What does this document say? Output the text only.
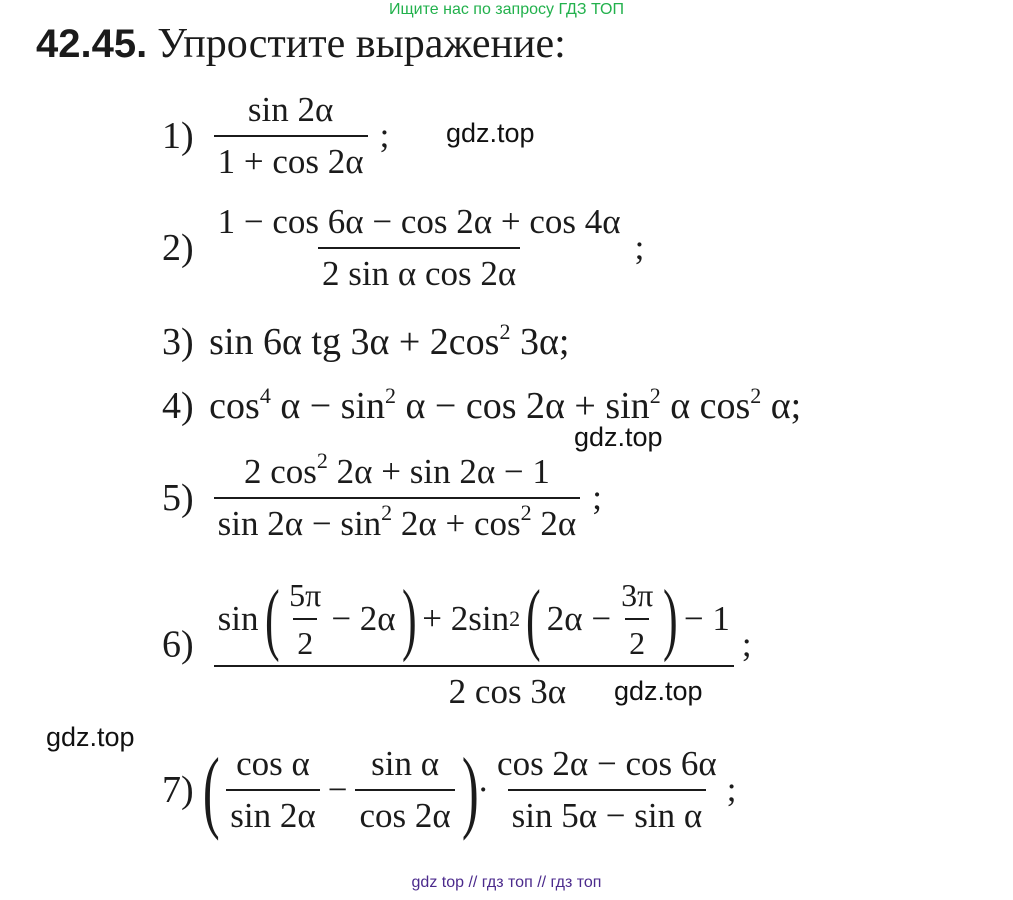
Ищите нас по запросу ГДЗ ТОП
42.45. Упростите выражение:
$1) \frac{\sin 2\alpha}{1 + \cos 2\alpha}$ ;
$2) \frac{1 - \cos 6\alpha - \cos 2\alpha + \cos 4\alpha}{\text{2 sin α cos 2α}}$ ;
3) sin 6α tg $3\alpha + 2\cos^2$ 3α;
4) $\cos^4 \alpha - \sin^2 \alpha - \cos 2\alpha + \sin^2 \alpha$ $\cos^2 \alpha$;
$5) \frac{2 \cos^2 2\alpha + \sin 2\alpha - 1}{\sin 2\alpha - \sin^2 2\alpha + \cos^2 2\alpha}$ ;
6)
sin ( $\frac{5\pi}{2} - 2\alpha$ ) + 2sin 2 ( $2\alpha - \frac{3\pi}{2}$ ) − 1
2 cos 3α
;
7) ( $\frac{\text{cos α}}{\sin 2\alpha} - \frac{\text{sin α}}{\cos 2\alpha}$ )
· $\frac{\cos 2\alpha - \cos 6\alpha}{\text{sin 5α − sin α}}$ ;
gdz.top
gdz.top
gdz.top
gdz.top
gdz top // гдз топ // гдз топ
